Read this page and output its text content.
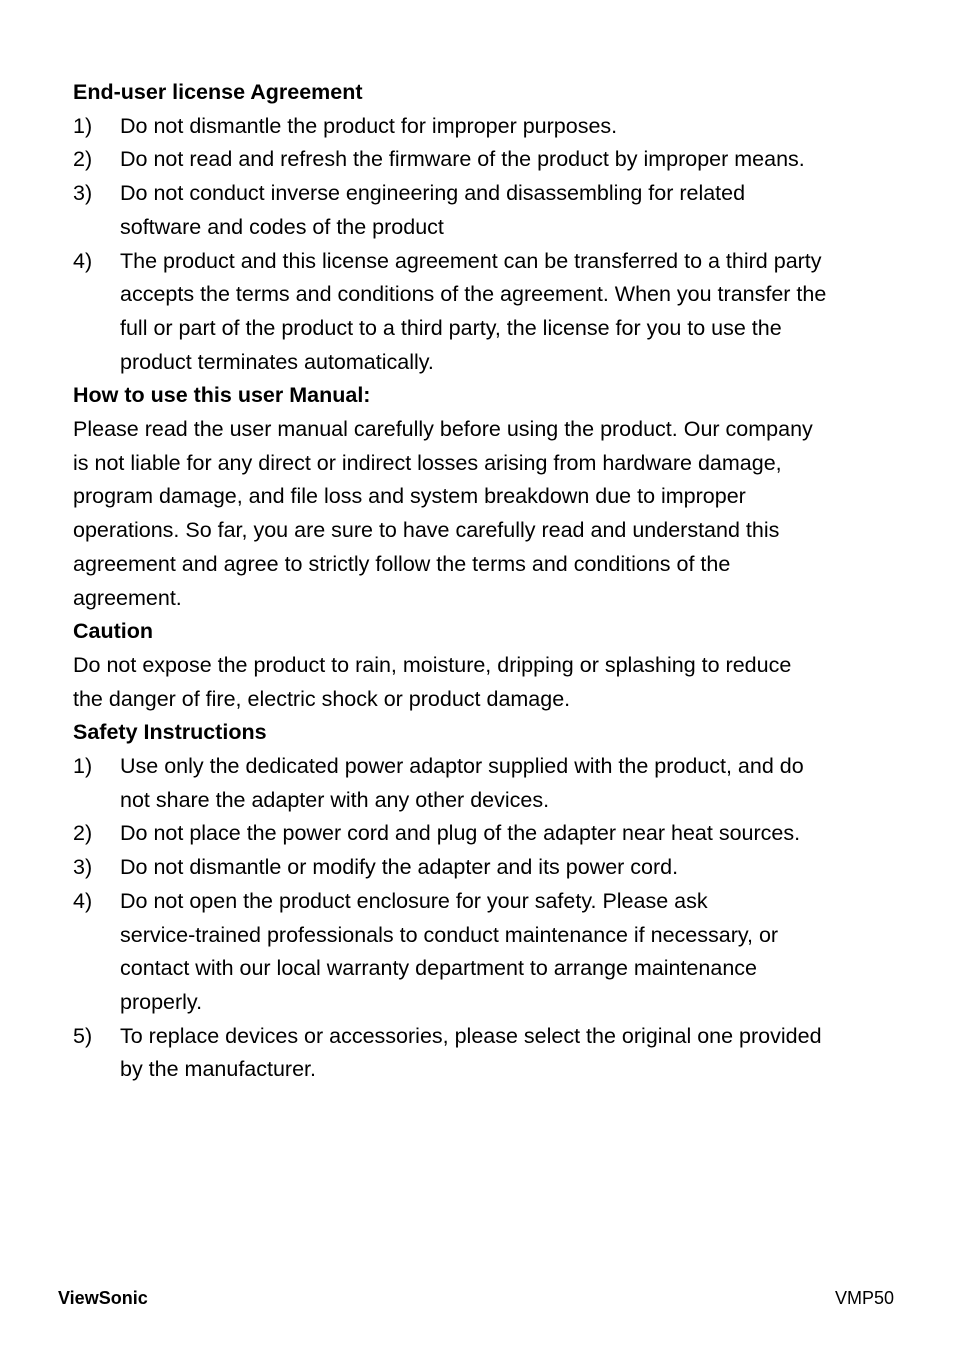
End-user license Agreement
1)	Do not dismantle the product for improper purposes.
2)	Do not read and refresh the firmware of the product by improper means.
3)	Do not conduct inverse engineering and disassembling for related
software and codes of the product
4)	The product and this license agreement can be transferred to a third party
accepts the terms and conditions of the agreement. When you transfer the
full or part of the product to a third party, the license for you to use the
product terminates automatically.
How to use this user Manual:
Please read the user manual carefully before using the product. Our company
is not liable for any direct or indirect losses arising from hardware damage,
program damage, and file loss and system breakdown due to improper
operations. So far, you are sure to have carefully read and understand this
agreement and agree to strictly follow the terms and conditions of the
agreement.
Caution
Do not expose the product to rain, moisture, dripping or splashing to reduce
the danger of fire, electric shock or product damage.
Safety Instructions
1)	Use only the dedicated power adaptor supplied with the product, and do
not share the adapter with any other devices.
2)	Do not place the power cord and plug of the adapter near heat sources.
3)	Do not dismantle or modify the adapter and its power cord.
4)	Do not open the product enclosure for your safety. Please ask
service-trained professionals to conduct maintenance if necessary, or
contact with our local warranty department to arrange maintenance
properly.
5)	To replace devices or accessories, please select the original one provided
by the manufacturer.
ViewSonic	VMP50
